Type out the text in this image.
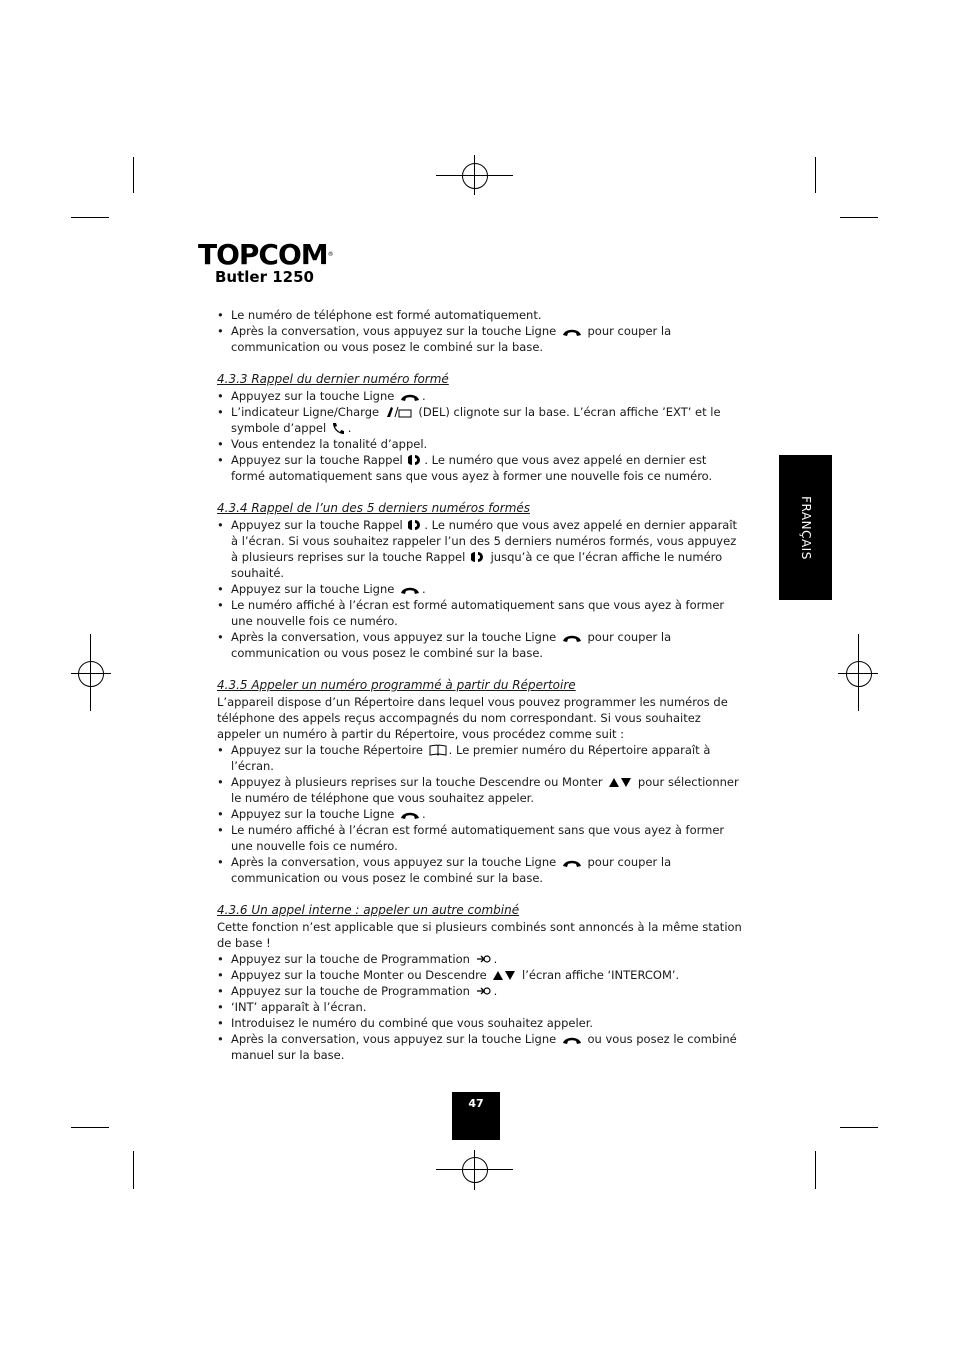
TOPCOM®
Butler 1250
FRANÇAIS
• Le numéro de téléphone est formé automatiquement.
• Après la conversation, vous appuyez sur la touche Ligne  pour couper la communication ou vous posez le combiné sur la base.
4.3.3 Rappel du dernier numéro formé
• Appuyez sur la touche Ligne .
• L’indicateur Ligne/Charge	(DEL) clignote sur la base. L’écran affiche ’EXT’ et le symbole d’appel .
• Vous entendez la tonalité d’appel.
• Appuyez sur la touche Rappel . Le numéro que vous avez appelé en dernier est formé automatiquement sans que vous ayez à former une nouvelle fois ce numéro.
4.3.4 Rappel de l’un des 5 derniers numéros formés
• Appuyez sur la touche Rappel . Le numéro que vous avez appelé en dernier apparaît à l’écran. Si vous souhaitez rappeler l’un des 5 derniers numéros formés, vous appuyez à plusieurs reprises sur la touche Rappel  jusqu’à ce que l’écran affiche le numéro souhaité.
• Appuyez sur la touche Ligne .
• Le numéro affiché à l’écran est formé automatiquement sans que vous ayez à former une nouvelle fois ce numéro.
• Après la conversation, vous appuyez sur la touche Ligne  pour couper la communication ou vous posez le combiné sur la base.
4.3.5 Appeler un numéro programmé à partir du Répertoire

L’appareil dispose d’un Répertoire dans lequel vous pouvez programmer les numéros de téléphone des appels reçus accompagnés du nom correspondant. Si vous souhaitez appeler un numéro à partir du Répertoire, vous procédez comme suit :

• Appuyez sur la touche Répertoire . Le premier numéro du Répertoire apparaît à l’écran.
• Appuyez à plusieurs reprises sur la touche Descendre ou Monter  pour sélectionner le numéro de téléphone que vous souhaitez appeler.
• Appuyez sur la touche Ligne .
• Le numéro affiché à l’écran est formé automatiquement sans que vous ayez à former une nouvelle fois ce numéro.
• Après la conversation, vous appuyez sur la touche Ligne  pour couper la communication ou vous posez le combiné sur la base.
4.3.6 Un appel interne : appeler un autre combiné

Cette fonction n’est applicable que si plusieurs combinés sont annoncés à la même station de base !

• Appuyez sur la touche de Programmation .
• Appuyez sur la touche Monter ou Descendre  l’écran affiche ‘INTERCOM’.
• Appuyez sur la touche de Programmation .
• ‘INT’ apparaît à l’écran.
• Introduisez le numéro du combiné que vous souhaitez appeler.
• Après la conversation, vous appuyez sur la touche Ligne  ou vous posez le combiné manuel sur la base.
47
